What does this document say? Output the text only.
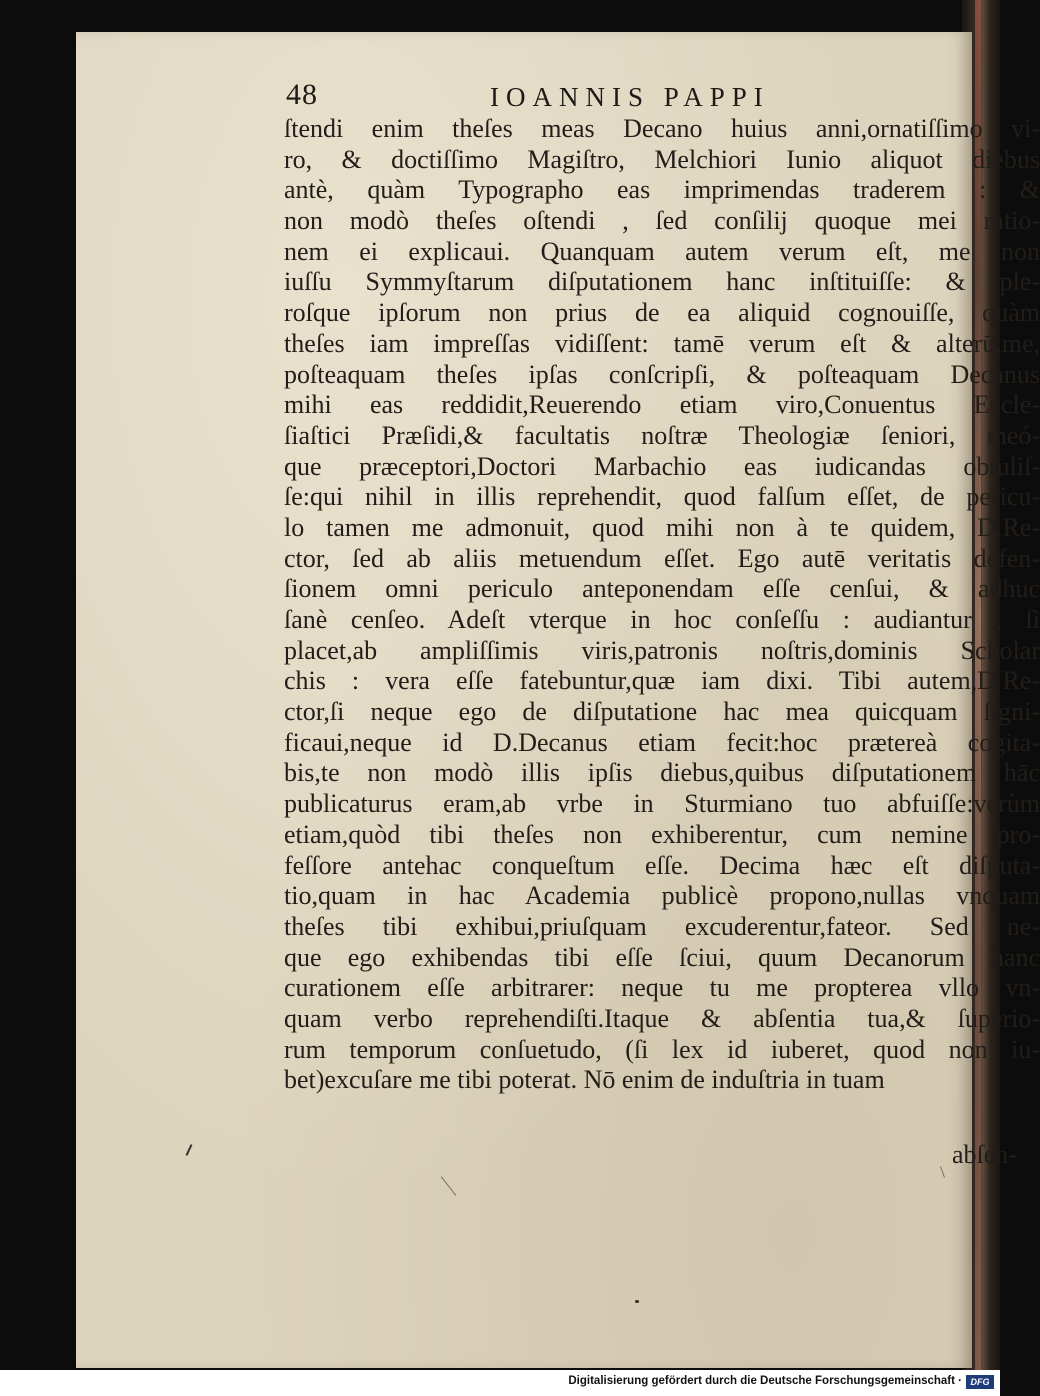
48	IOANNIS PAPPI
ſtendi enim theſes meas Decano huius anni,ornatiſſimo vi-
ro, & doctiſſimo Magiſtro, Melchiori Iunio aliquot diebus
antè, quàm Typographo eas imprimendas traderem : &
non modò theſes oſtendi , ſed conſilij quoque mei ratio-
nem ei explicaui. Quanquam autem verum eſt, me non
iuſſu Symmyſtarum diſputationem hanc inſtituiſſe: & ple-
roſque ipſorum non prius de ea aliquid cognouiſſe, quàm
theſes iam impreſſas vidiſſent: tamē verum eſt & alterū,me,
poſteaquam theſes ipſas conſcripſi, & poſteaquam Decanus
mihi eas reddidit,Reuerendo etiam viro,Conuentus Eccle-
ſiaſtici Præſidi,& facultatis noſtræ Theologiæ ſeniori, meó-
que præceptori,Doctori Marbachio eas iudicandas obtuliſ-
ſe:qui nihil in illis reprehendit, quod falſum eſſet, de pericu-
lo tamen me admonuit, quod mihi non à te quidem, D.Re-
ctor, ſed ab aliis metuendum eſſet. Ego autē veritatis defen-
ſionem omni periculo anteponendam eſſe cenſui, & adhuc
ſanè cenſeo. Adeſt vterque in hoc conſeſſu : audiantur , ſi
placet,ab ampliſſimis viris,patronis noſtris,dominis Scholar
chis : vera eſſe fatebuntur,quæ iam dixi. Tibi autem,D.Re-
ctor,ſi neque ego de diſputatione hac mea quicquam ſigni-
ficaui,neque id D.Decanus etiam fecit:hoc prætereà cogita-
bis,te non modò illis ipſis diebus,quibus diſputationem hāc
publicaturus eram,ab vrbe in Sturmiano tuo abfuiſſe:verùm
etiam,quòd tibi theſes non exhiberentur, cum nemine pro-
feſſore antehac conqueſtum eſſe. Decima hæc eſt diſputa-
tio,quam in hac Academia publicè propono,nullas vnquam
theſes tibi exhibui,priuſquam excuderentur,fateor. Sed ne-
que ego exhibendas tibi eſſe ſciui, quum Decanorum hanc
curationem eſſe arbitrarer: neque tu me propterea vllo vn-
quam verbo reprehendiſti.Itaque & abſentia tua,& ſuperio-
rum temporum conſuetudo, (ſi lex id iuberet, quod non iu-
bet)excuſare me tibi poterat. Nō enim de induſtria in tuam
abſen-
Digitalisierung gefördert durch die Deutsche Forschungsgemeinschaft · DFG
